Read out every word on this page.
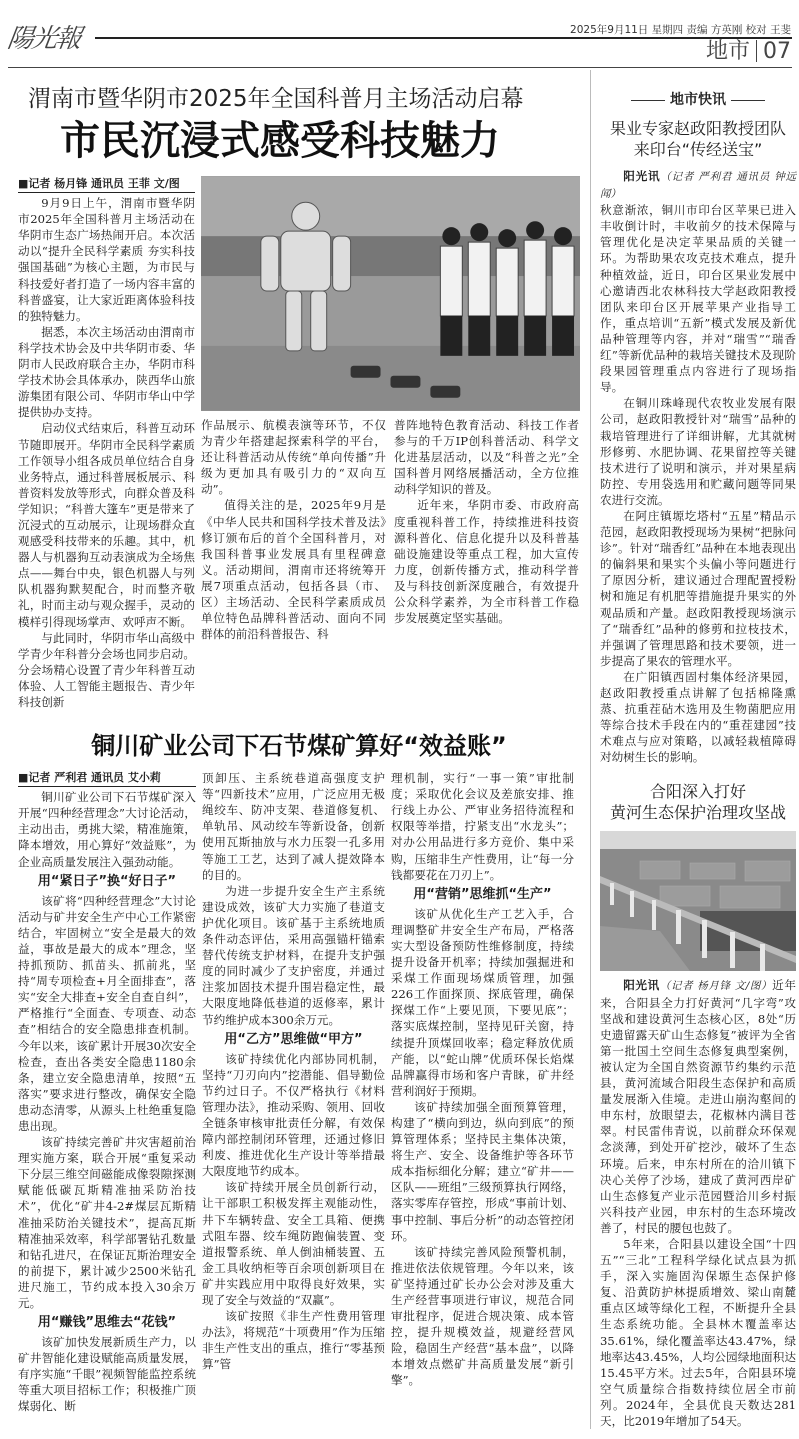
陽光報	2025年9月11日 星期四 责编 方英刚 校对 王斐
地市 07
渭南市暨华阴市2025年全国科普月主场活动启幕
市民沉浸式感受科技魅力
■记者 杨月锋 通讯员 王菲 文/图

9月9日上午，渭南市暨华阴市2025年全国科普月主场活动在华阴市生态广场热闹开启。本次活动以“提升全民科学素质 夯实科技强国基础”为核心主题，为市民与科技爱好者打造了一场内容丰富的科普盛宴，让大家近距离体验科技的独特魅力。

据悉，本次主场活动由渭南市科学技术协会及中共华阴市委、华阴市人民政府联合主办，华阴市科学技术协会具体承办，陕西华山旅游集团有限公司、华阴市华山中学提供协办支持。

启动仪式结束后，科普互动环节随即展开。华阴市全民科学素质工作领导小组各成员单位结合自身业务特点，通过科普展板展示、科普资料发放等形式，向群众普及科学知识；“科普大篷车”更是带来了沉浸式的互动展示，让现场群众直观感受科技带来的乐趣。其中，机器人与机器狗互动表演成为全场焦点——舞台中央，银色机器人与列队机器狗默契配合，时而整齐敬礼，时而主动与观众握手，灵动的模样引得现场掌声、欢呼声不断。

与此同时，华阴市华山高级中学青少年科普分会场也同步启动。分会场精心设置了青少年科普互动体验、人工智能主题报告、青少年科技创新

作品展示、航模表演等环节，不仅为青少年搭建起探索科学的平台，还让科普活动从传统“单向传播”升级为更加具有吸引力的“双向互动”。

值得关注的是，2025年9月是《中华人民共和国科学技术普及法》修订颁布后的首个全国科普月，对我国科普事业发展具有里程碑意义。活动期间，渭南市还将统筹开展7项重点活动，包括各县（市、区）主场活动、全民科学素质成员单位特色品牌科普活动、面向不同群体的前沿科普报告、科

普阵地特色教育活动、科技工作者参与的千万IP创科普活动、科学文化进基层活动，以及“科普之光”全国科普月网络展播活动，全方位推动科学知识的普及。

近年来，华阴市委、市政府高度重视科普工作，持续推进科技资源科普化、信息化提升以及科普基础设施建设等重点工程，加大宣传力度，创新传播方式，推动科学普及与科技创新深度融合，有效提升公众科学素养，为全市科普工作稳步发展奠定坚实基础。

铜川矿业公司下石节煤矿算好“效益账”
■记者 严利君 通讯员 艾小莉

铜川矿业公司下石节煤矿深入开展“四种经营理念”大讨论活动，主动出击，勇挑大梁，精准施策，降本增效，用心算好“效益账”，为企业高质量发展注入强劲动能。

用“紧日子”换“好日子”

该矿将“四种经营理念”大讨论活动与矿井安全生产中心工作紧密结合，牢固树立“安全是最大的效益，事故是最大的成本”理念，坚持抓预防、抓苗头、抓前兆，坚持“周专项检查+月全面排查”，落实“安全大排查+安全自查自纠”，严格推行“全面查、专项查、动态查”相结合的安全隐患排查机制。今年以来，该矿累计开展30次安全检查，查出各类安全隐患1180余条，建立安全隐患清单，按照“五落实”要求进行整改，确保安全隐患动态清零，从源头上杜绝重复隐患出现。

该矿持续完善矿井灾害超前治理实施方案，联合开展“重复采动下分层三维空间磁能成像裂隙探测赋能低碳瓦斯精准抽采防治技术”，优化“矿井4-2#煤层瓦斯精准抽采防治关键技术”，提高瓦斯精准抽采效率，科学部署钻孔数量和钻孔进尺，在保证瓦斯治理安全的前提下，累计减少2500米钻孔进尺施工，节约成本投入30余万元。

用“赚钱”思维去“花钱”

该矿加快发展新质生产力，以矿井智能化建设赋能高质量发展，有序实施“千眼”视频智能监控系统等重大项目招标工作；积极推广顶煤弱化、断

顶卸压、主系统巷道高强度支护等“四新技术”应用，广泛应用无极绳绞车、防冲支架、巷道修复机、单轨吊、风动绞车等新设备，创新使用瓦斯抽放与水力压裂一孔多用等施工工艺，达到了减人提效降本的目的。

为进一步提升安全生产主系统建设成效，该矿大力实施了巷道支护优化项目。该矿基于主系统地质条件动态评估，采用高强锚杆锚索替代传统支护材料，在提升支护强度的同时减少了支护密度，并通过注浆加固技术提升围岩稳定性，最大限度地降低巷道的返修率，累计节约维护成本300余万元。

用“乙方”思维做“甲方”

该矿持续优化内部协同机制，坚持“刀刃向内”挖潜能、倡导勤俭节约过日子。不仅严格执行《材料管理办法》，推动采购、领用、回收全链条审核审批责任分解，有效保障内部控制闭环管理，还通过修旧利废、推进优化生产设计等举措最大限度地节约成本。

该矿持续开展全员创新行动，让干部职工积极发挥主观能动性，井下车辆转盘、安全工具箱、便携式阻车器、绞车绳防跑偏装置、变道报警系统、单人倒油桶装置、五金工具收纳柜等百余项创新项目在矿井实践应用中取得良好效果，实现了安全与效益的“双赢”。

该矿按照《非生产性费用管理办法》，将规范“十项费用”作为压缩非生产性支出的重点，推行“零基预算”管

理机制，实行“一事一策”审批制度；采取优化会议及差旅安排、推行线上办公、严审业务招待流程和权限等举措，拧紧支出“水龙头”；对办公用品进行多方竞价、集中采购，压缩非生产性费用，让“每一分钱都要花在刀刃上”。

用“营销”思维抓“生产”

该矿从优化生产工艺入手，合理调整矿井安全生产布局，严格落实大型设备预防性维修制度，持续提升设备开机率；持续加强掘进和采煤工作面现场煤质管理，加强226工作面探顶、探底管理，确保探煤工作“上要见顶，下要见底”；落实底煤控制，坚持见矸关窗，持续提升顶煤回收率；稳定释放优质产能，以“蛇山牌”优质环保长焰煤品牌赢得市场和客户青睐，矿井经营利润好于预期。

该矿持续加强全面预算管理，构建了“横向到边，纵向到底”的预算管理体系；坚持民主集体决策，将生产、安全、设备维护等各环节成本指标细化分解；建立“矿井——区队——班组”三级预算执行网络，落实零库存管控，形成“事前计划、事中控制、事后分析”的动态管控闭环。

该矿持续完善风险预警机制，推进依法依规管理。今年以来，该矿坚持通过矿长办公会对涉及重大生产经营事项进行审议，规范合同审批程序，促进合规决策、成本管控，提升规模效益，规避经营风险，稳固生产经营“基本盘”，以降本增效点燃矿井高质量发展“新引擎”。

地市快讯
果业专家赵政阳教授团队
来印台“传经送宝”

阳光讯（记者 严利君 通讯员 钟远闻）

秋意渐浓，铜川市印台区苹果已进入丰收倒计时，丰收前夕的技术保障与管理优化是决定苹果品质的关键一环。为帮助果农攻克技术难点，提升种植效益，近日，印台区果业发展中心邀请西北农林科技大学赵政阳教授团队来印台区开展苹果产业指导工作，重点培训“五新”模式发展及新优品种管理等内容，并对“瑞雪”“瑞香红”等新优品种的栽培关键技术及现阶段果园管理重点内容进行了现场指导。

在铜川珠峰现代农牧业发展有限公司，赵政阳教授针对“瑞雪”品种的栽培管理进行了详细讲解，尤其就树形修剪、水肥协调、花果留控等关键技术进行了说明和演示，并对果星病防控、专用袋选用和贮藏问题等同果农进行交流。

在阿庄镇塬圪塔村“五星”精品示范园，赵政阳教授现场为果树“把脉问诊”。针对“瑞香红”品种在本地表现出的偏斜果和果实个头偏小等问题进行了原因分析，建议通过合理配置授粉树和施足有机肥等措施提升果实的外观品质和产量。赵政阳教授现场演示了“瑞香红”品种的修剪和拉枝技术，并强调了管理思路和技术要领，进一步提高了果农的管理水平。

在广阳镇西固村集体经济果园，赵政阳教授重点讲解了包括棉隆熏蒸、抗重茬砧木选用及生物菌肥应用等综合技术手段在内的“重茬建园”技术难点与应对策略，以减轻栽植障碍对幼树生长的影响。

合阳深入打好
黄河生态保护治理攻坚战

阳光讯（记者 杨月锋 文/图）近年来，合阳县全力打好黄河“几字弯”攻坚战和建设黄河生态核心区，8处“历史遗留露天矿山生态修复”被评为全省第一批国土空间生态修复典型案例，被认定为全国自然资源节约集约示范县，黄河流域合阳段生态保护和高质量发展渐入佳境。走进山崩沟壑间的申东村，放眼望去，花椒林内满目苍翠。村民雷伟青说，以前群众环保观念淡薄，到处开矿挖沙，破坏了生态环境。后来，申东村所在的洽川镇下决心关停了沙场，建成了黄河西岸矿山生态修复产业示范园暨洽川乡村振兴科技产业园，申东村的生态环境改善了，村民的腰包也鼓了。

5年来，合阳县以建设全国“十四五”“三北”工程科学绿化试点县为抓手，深入实施固沟保塬生态保护修复、沿黄防护林提质增效、梁山南麓重点区域等绿化工程，不断提升全县生态系统功能。全县林木覆盖率达35.61%，绿化覆盖率达43.47%，绿地率达43.45%，人均公园绿地面积达15.45平方米。过去5年，合阳县环境空气质量综合指数持续位居全市前列。2024年，全县优良天数达281天，比2019年增加了54天。
